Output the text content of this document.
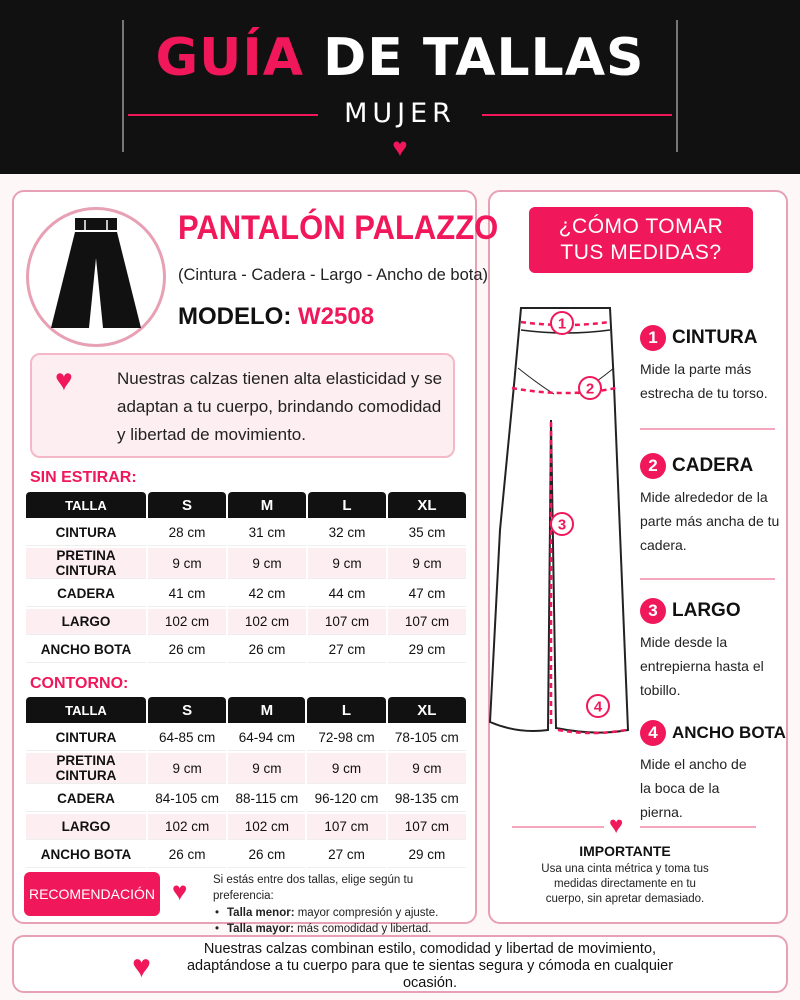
GUÍA DE TALLAS
MUJER
♥
PANTALÓN PALAZZO
(Cintura - Cadera - Largo - Ancho de bota)
MODELO: W2508
♥	Nuestras calzas tienen alta elasticidad y se adaptan a tu cuerpo, brindando comodidad y libertad de movimiento.
SIN ESTIRAR:
TALLA	S	M	L	XL
CINTURA	28 cm	31 cm	32 cm	35 cm
PRETINA CINTURA	9 cm	9 cm	9 cm	9 cm
CADERA	41 cm	42 cm	44 cm	47 cm
LARGO	102 cm	102 cm	107 cm	107 cm
ANCHO BOTA	26 cm	26 cm	27 cm	29 cm
CONTORNO:
TALLA	S	M	L	XL
CINTURA	64-85 cm	64-94 cm	72-98 cm	78-105 cm
PRETINA CINTURA	9 cm	9 cm	9 cm	9 cm
CADERA	84-105 cm	88-115 cm	96-120 cm	98-135 cm
LARGO	102 cm	102 cm	107 cm	107 cm
ANCHO BOTA	26 cm	26 cm	27 cm	29 cm
RECOMENDACIÓN ♥ Si estás entre dos tallas, elige según tu preferencia:
• Talla menor: mayor compresión y ajuste.
• Talla mayor: más comodidad y libertad.
¿CÓMO TOMAR
TUS MEDIDAS?
1
2
3
4
1 CINTURA
Mide la parte más estrecha de tu torso.
2 CADERA
Mide alrededor de la parte más ancha de tu cadera.
3 LARGO
Mide desde la entrepierna hasta el tobillo.
4 ANCHO BOTA
Mide el ancho de la boca de la pierna.
♥
IMPORTANTE
Usa una cinta métrica y toma tus medidas directamente en tu cuerpo, sin apretar demasiado.
♥	Nuestras calzas combinan estilo, comodidad y libertad de movimiento, adaptándose a tu cuerpo para que te sientas segura y cómoda en cualquier ocasión.
